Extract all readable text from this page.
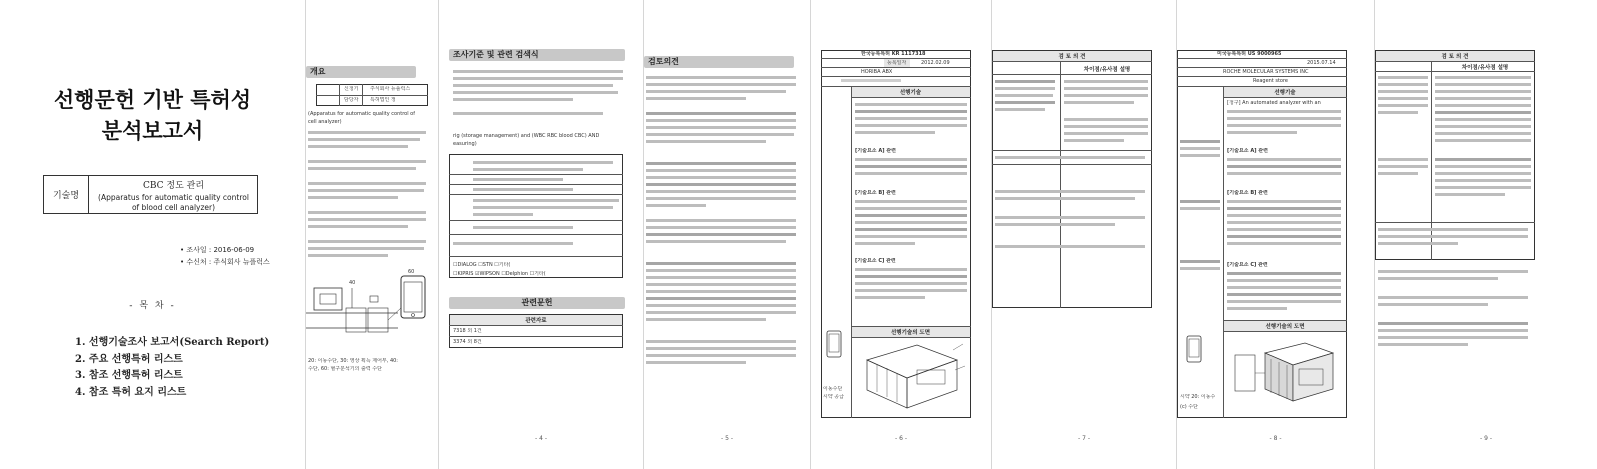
선행문헌 기반 특허성
분석보고서
기술명
CBC 정도 관리
(Apparatus for automatic quality control
of blood cell analyzer)
• 조사일 : 2016-06-09
• 수신처 : 주식회사 뉴플럭스
- 목 차 -
1. 선행기술조사 보고서(Search Report)
2. 주요 선행특허 리스트
3. 참조 선행특허 리스트
4. 참조 특허 요지 리스트
개요
신청기 주식회사 뉴플럭스
담당자 특허법인 정
(Apparatus for automatic quality control of
cell analyzer)
40
60
20: 이동수단, 30: 영상 획득 제어부, 40:
수단, 60: 혈구분석기의 출력 수단
조사기준 및 관련 검색식
rig (storage management) and (WBC RBC blood CBC) AND
easuring)
☐DIALOG ☐STN ☐기타(
☐KIPRIS ☑WIPSON ☐Delphion ☐기타(
관련문헌
관련자료
7318 외 1건
3374 외 8건
- 4 -
검토의견
- 5 -
한국등록특허 KR 1117318
등록일자	2012.02.09
HORIBA ABX
선행기술
[기술요소 A] 관련
[기술요소 B] 관련
[기술요소 C] 관련
선행기술의 도면
이동수단
시약 공급
- 6 -
검 토 의 견
차이점/유사점 설명
- 7 -
미국등록특허 US 9000965
2015.07.14
ROCHE MOLECULAR SYSTEMS INC
Reagent store
선행기술
[청구] An automated analyzer with an
[기술요소 A] 관련
[기술요소 B] 관련
[기술요소 C] 관련
선행기술의 도면
시약 20: 이동수
(c) 수단
- 8 -
검 토 의 견
차이점/유사점 설명
- 9 -
